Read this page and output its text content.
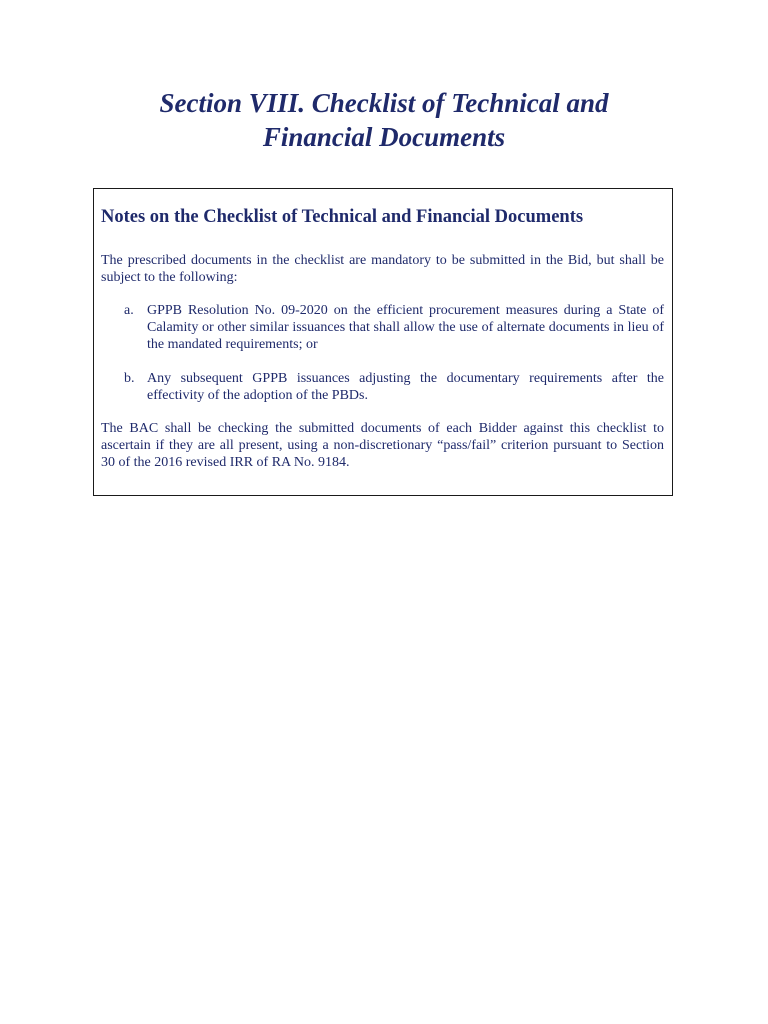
Section VIII. Checklist of Technical and
Financial Documents
Notes on the Checklist of Technical and Financial Documents

The prescribed documents in the checklist are mandatory to be submitted in the Bid, but shall be subject to the following:

a. GPPB Resolution No. 09-2020 on the efficient procurement measures during a State of Calamity or other similar issuances that shall allow the use of alternate documents in lieu of the mandated requirements; or
b. Any subsequent GPPB issuances adjusting the documentary requirements after the effectivity of the adoption of the PBDs.

The BAC shall be checking the submitted documents of each Bidder against this checklist to ascertain if they are all present, using a non-discretionary “pass/fail” criterion pursuant to Section 30 of the 2016 revised IRR of RA No. 9184.
